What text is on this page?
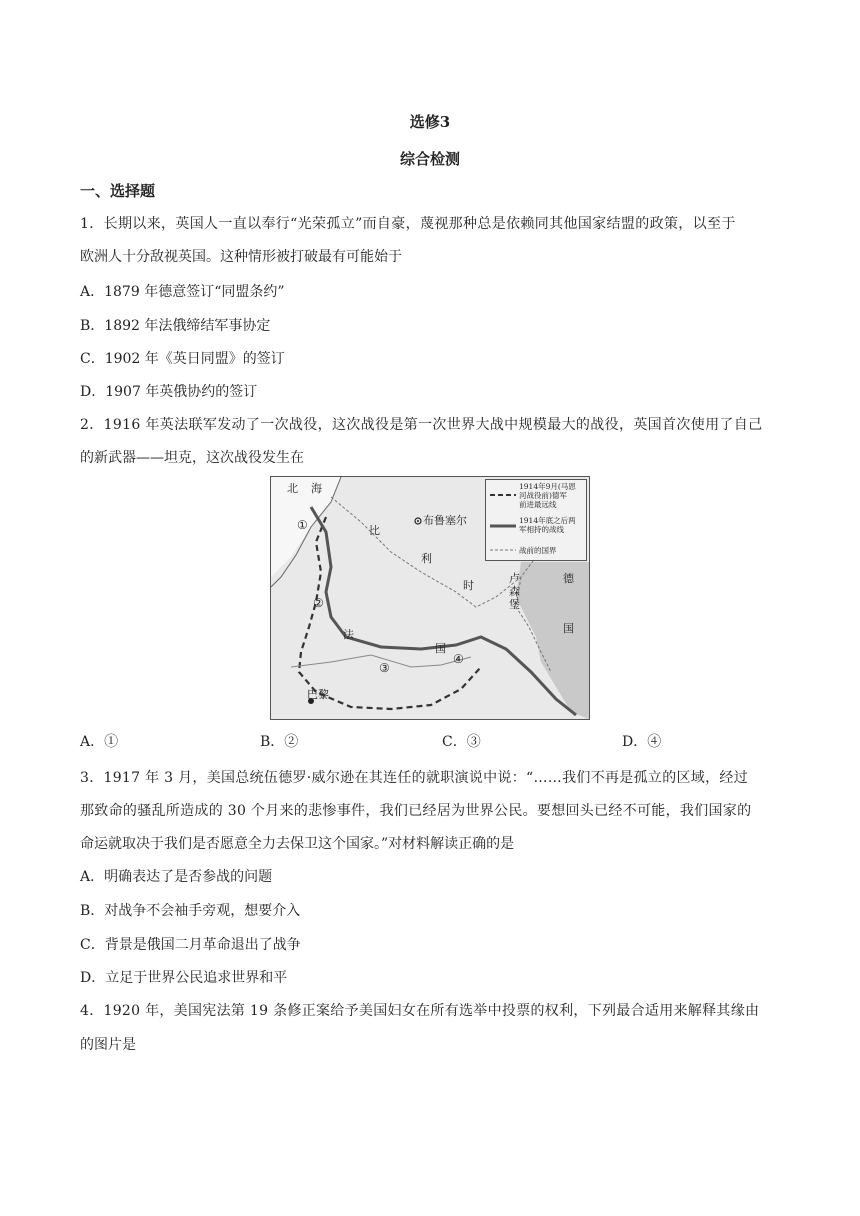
选修3
综合检测
一、选择题
1．长期以来，英国人一直以奉行“光荣孤立”而自豪，蔑视那种总是依赖同其他国家结盟的政策，以至于
欧洲人十分敌视英国。这种情形被打破最有可能始于
A．1879 年德意签订“同盟条约”
B．1892 年法俄缔结军事协定
C．1902 年《英日同盟》的签订
D．1907 年英俄协约的签订
2．1916 年英法联军发动了一次战役，这次战役是第一次世界大战中规模最大的战役，英国首次使用了自己
的新武器——坦克，这次战役发生在
北 海
布鲁塞尔
比
利
时
卢
森
堡
德
国
法
国
巴黎
①
②
③
④
1914年9月(马恩
河战役前)德军
前进最远线
1914年底之后两
军相持的战线
战前的国界
A．①	B．②	C．③	D．④
3．1917 年 3 月，美国总统伍德罗·威尔逊在其连任的就职演说中说：“……我们不再是孤立的区域，经过
那致命的骚乱所造成的 30 个月来的悲惨事件，我们已经居为世界公民。要想回头已经不可能，我们国家的
命运就取决于我们是否愿意全力去保卫这个国家。”对材料解读正确的是
A．明确表达了是否参战的问题
B．对战争不会袖手旁观，想要介入
C．背景是俄国二月革命退出了战争
D．立足于世界公民追求世界和平
4．1920 年，美国宪法第 19 条修正案给予美国妇女在所有选举中投票的权利，下列最合适用来解释其缘由
的图片是
